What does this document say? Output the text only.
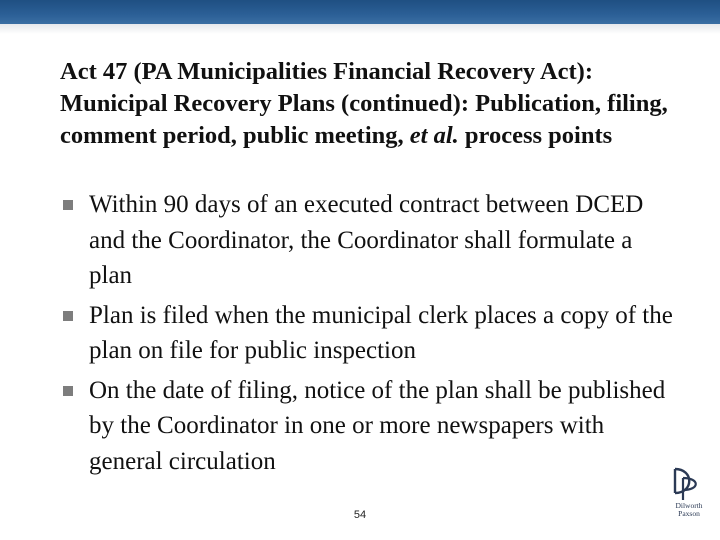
Act 47 (PA Municipalities Financial Recovery Act): Municipal Recovery Plans (continued): Publication, filing, comment period, public meeting, et al. process points
Within 90 days of an executed contract between DCED and the Coordinator, the Coordinator shall formulate a plan
Plan is filed when the municipal clerk places a copy of the plan on file for public inspection
On the date of filing, notice of the plan shall be published by the Coordinator in one or more newspapers with general circulation
54
Dilworth
Paxson
